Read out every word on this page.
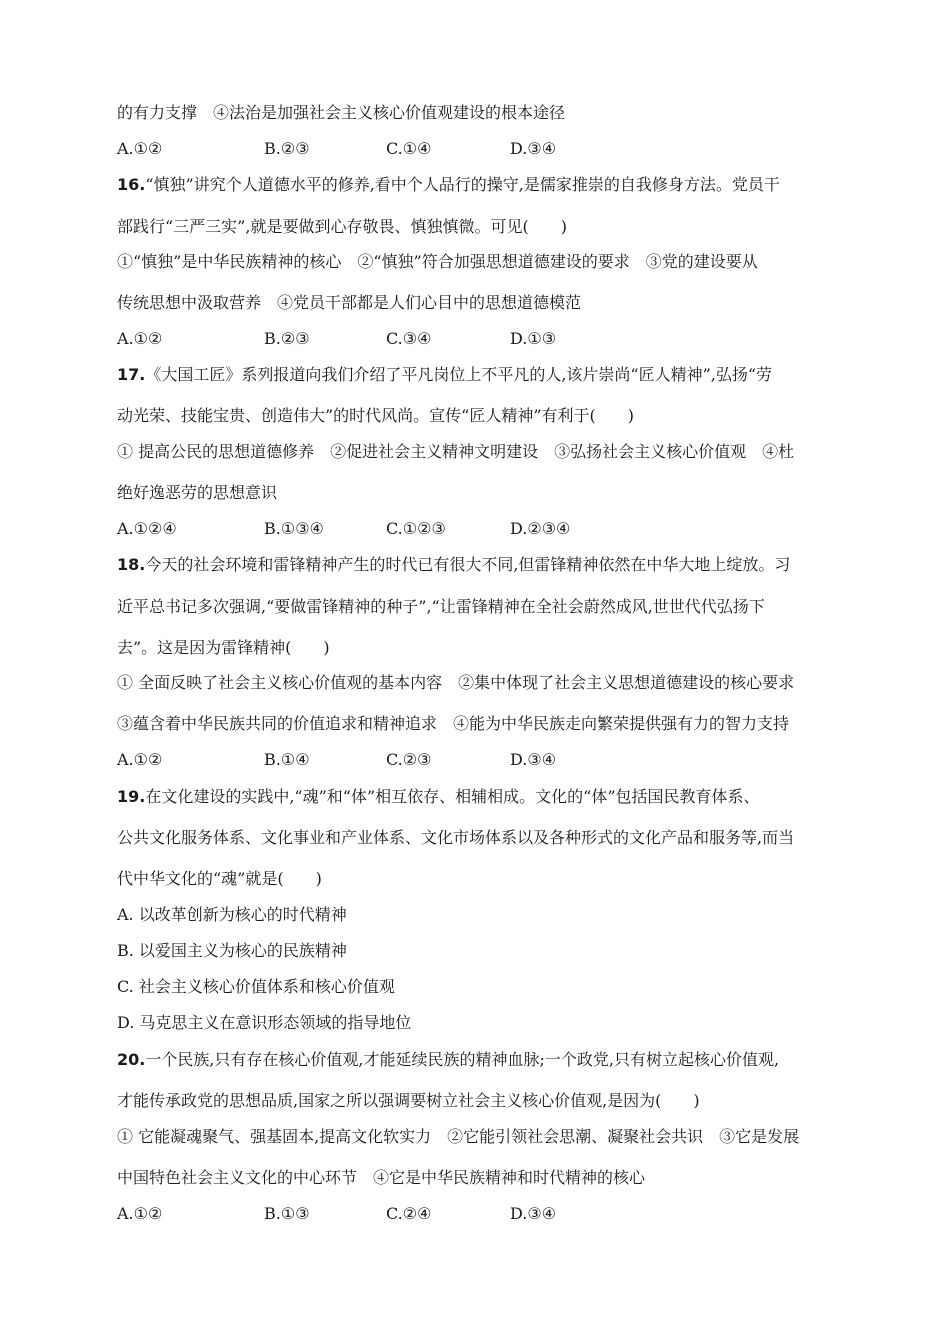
的有力支撑　④法治是加强社会主义核心价值观建设的根本途径
A.①②	B.②③	C.①④	D.③④
16.“慎独”讲究个人道德水平的修养,看中个人品行的操守,是儒家推崇的自我修身方法。党员干
部践行“三严三实”,就是要做到心存敬畏、慎独慎微。可见(　　)
①“慎独”是中华民族精神的核心　②“慎独”符合加强思想道德建设的要求　③党的建设要从
传统思想中汲取营养　④党员干部都是人们心目中的思想道德模范
A.①②	B.②③	C.③④	D.①③
17.《大国工匠》系列报道向我们介绍了平凡岗位上不平凡的人,该片崇尚“匠人精神”,弘扬“劳
动光荣、技能宝贵、创造伟大”的时代风尚。宣传“匠人精神”有利于(　　)
① 提高公民的思想道德修养　②促进社会主义精神文明建设　③弘扬社会主义核心价值观　④杜
绝好逸恶劳的思想意识
A.①②④	B.①③④	C.①②③	D.②③④
18.今天的社会环境和雷锋精神产生的时代已有很大不同,但雷锋精神依然在中华大地上绽放。习
近平总书记多次强调,“要做雷锋精神的种子”,“让雷锋精神在全社会蔚然成风,世世代代弘扬下
去”。这是因为雷锋精神(　　)
① 全面反映了社会主义核心价值观的基本内容　②集中体现了社会主义思想道德建设的核心要求
③蕴含着中华民族共同的价值追求和精神追求　④能为中华民族走向繁荣提供强有力的智力支持
A.①②	B.①④	C.②③	D.③④
19.在文化建设的实践中,“魂”和“体”相互依存、相辅相成。文化的“体”包括国民教育体系、
公共文化服务体系、文化事业和产业体系、文化市场体系以及各种形式的文化产品和服务等,而当
代中华文化的“魂”就是(　　)
A. 以改革创新为核心的时代精神
B. 以爱国主义为核心的民族精神
C. 社会主义核心价值体系和核心价值观
D. 马克思主义在意识形态领域的指导地位
20.一个民族,只有存在核心价值观,才能延续民族的精神血脉;一个政党,只有树立起核心价值观,
才能传承政党的思想品质,国家之所以强调要树立社会主义核心价值观,是因为(　　)
① 它能凝魂聚气、强基固本,提高文化软实力　②它能引领社会思潮、凝聚社会共识　③它是发展
中国特色社会主义文化的中心环节　④它是中华民族精神和时代精神的核心
A.①②	B.①③	C.②④	D.③④
